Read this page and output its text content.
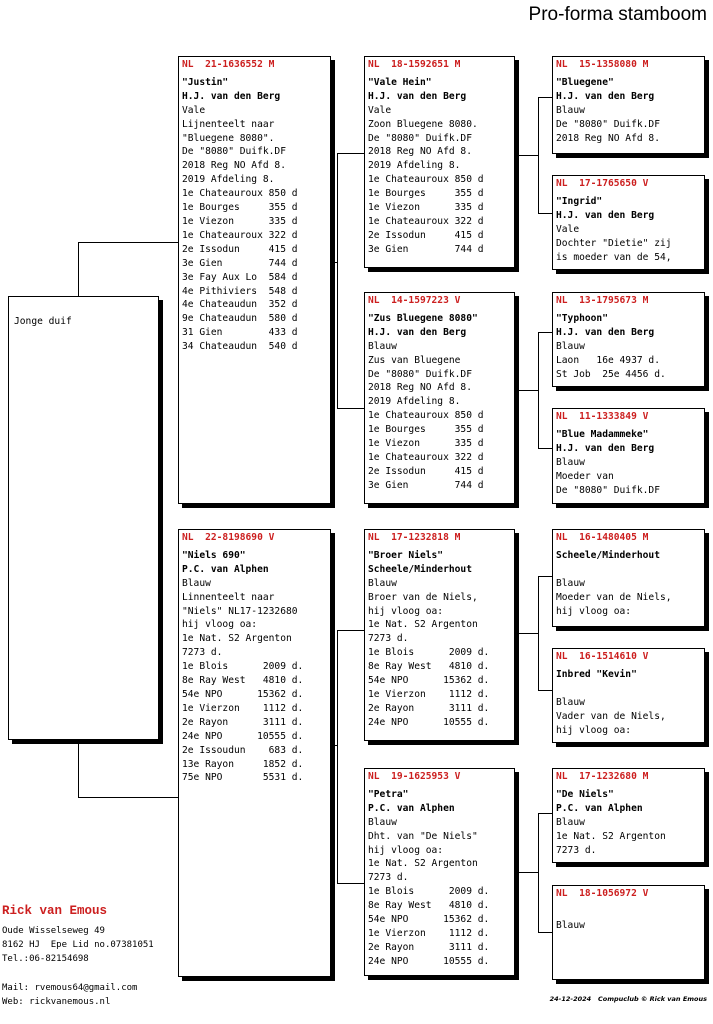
Pro-forma stamboom
Jonge duif
NL  21-1636552 M
"Justin"
H.J. van den Berg
Vale
Lijnenteelt naar
"Bluegene 8080".
De "8080" Duifk.DF
2018 Reg NO Afd 8.
2019 Afdeling 8.
1e Chateauroux 850 d
1e Bourges     355 d
1e Viezon      335 d
1e Chateauroux 322 d
2e Issodun     415 d
3e Gien        744 d
3e Fay Aux Lo  584 d
4e Pithiviers  548 d
4e Chateaudun  352 d
9e Chateaudun  580 d
31 Gien        433 d
34 Chateaudun  540 d
NL  22-8198690 V
"Niels 690"
P.C. van Alphen
Blauw
Linnenteelt naar
"Niels" NL17-1232680
hij vloog oa:
1e Nat. S2 Argenton
7273 d.
1e Blois      2009 d.
8e Ray West   4810 d.
54e NPO      15362 d.
1e Vierzon    1112 d.
2e Rayon      3111 d.
24e NPO      10555 d.
2e Issoudun    683 d.
13e Rayon     1852 d.
75e NPO       5531 d.
NL  18-1592651 M
"Vale Hein"
H.J. van den Berg
Vale
Zoon Bluegene 8080.
De "8080" Duifk.DF
2018 Reg NO Afd 8.
2019 Afdeling 8.
1e Chateauroux 850 d
1e Bourges     355 d
1e Viezon      335 d
1e Chateauroux 322 d
2e Issodun     415 d
3e Gien        744 d
NL  14-1597223 V
"Zus Bluegene 8080"
H.J. van den Berg
Blauw
Zus van Bluegene
De "8080" Duifk.DF
2018 Reg NO Afd 8.
2019 Afdeling 8.
1e Chateauroux 850 d
1e Bourges     355 d
1e Viezon      335 d
1e Chateauroux 322 d
2e Issodun     415 d
3e Gien        744 d
NL  17-1232818 M
"Broer Niels"
Scheele/Minderhout
Blauw
Broer van de Niels,
hij vloog oa:
1e Nat. S2 Argenton
7273 d.
1e Blois      2009 d.
8e Ray West   4810 d.
54e NPO      15362 d.
1e Vierzon    1112 d.
2e Rayon      3111 d.
24e NPO      10555 d.
NL  19-1625953 V
"Petra"
P.C. van Alphen
Blauw
Dht. van "De Niels"
hij vloog oa:
1e Nat. S2 Argenton
7273 d.
1e Blois      2009 d.
8e Ray West   4810 d.
54e NPO      15362 d.
1e Vierzon    1112 d.
2e Rayon      3111 d.
24e NPO      10555 d.
NL  15-1358080 M
"Bluegene"
H.J. van den Berg
Blauw
De "8080" Duifk.DF
2018 Reg NO Afd 8.
NL  17-1765650 V
"Ingrid"
H.J. van den Berg
Vale
Dochter "Dietie" zij
is moeder van de 54,
NL  13-1795673 M
"Typhoon"
H.J. van den Berg
Blauw
Laon   16e 4937 d.
St Job  25e 4456 d.
NL  11-1333849 V
"Blue Madammeke"
H.J. van den Berg
Blauw
Moeder van
De "8080" Duifk.DF
NL  16-1480405 M
Scheele/Minderhout
Blauw
Moeder van de Niels,
hij vloog oa:
NL  16-1514610 V
Inbred "Kevin"
Blauw
Vader van de Niels,
hij vloog oa:
NL  17-1232680 M
"De Niels"
P.C. van Alphen
Blauw
1e Nat. S2 Argenton
7273 d.
NL  18-1056972 V
Blauw
Rick van Emous
Oude Wisselseweg 49
8162 HJ  Epe Lid no.07381051
Tel.:06-82154698
Mail: rvemous64@gmail.com
Web: rickvanemous.nl	24-12-2024   Compuclub © Rick van Emous
